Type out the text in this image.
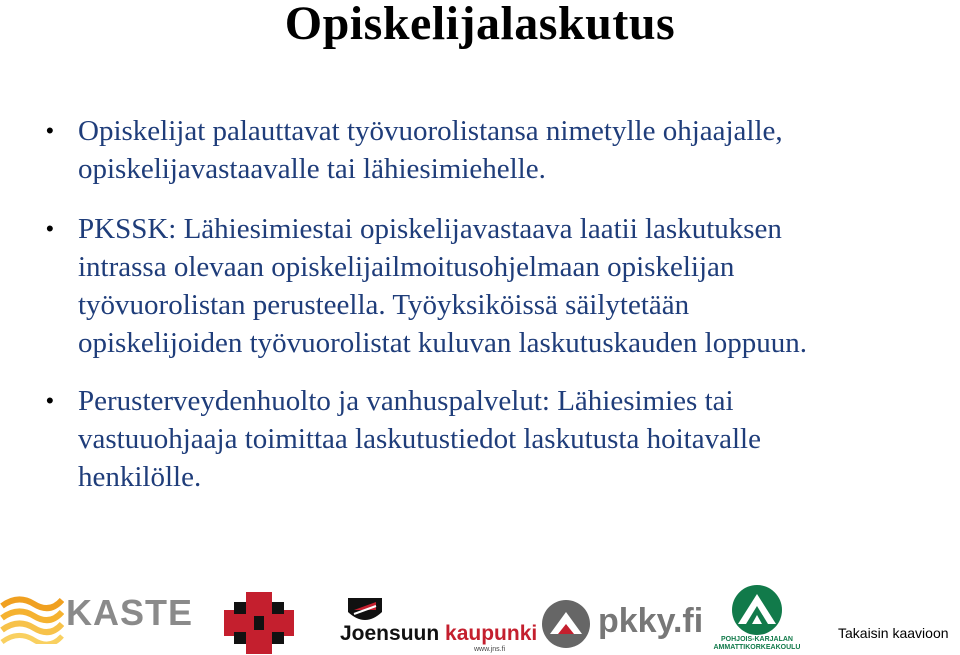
Opiskelijalaskutus
• Opiskelijat palauttavat työvuorolistansa nimetylle ohjaajalle,
opiskelijavastaavalle tai lähiesimiehelle.
• PKSSK: Lähiesimiestai opiskelijavastaava laatii laskutuksen
intrassa olevaan opiskelijailmoitusohjelmaan opiskelijan
työvuorolistan perusteella. Työyksiköissä säilytetään
opiskelijoiden työvuorolistat kuluvan laskutuskauden loppuun.
• Perusterveydenhuolto ja vanhuspalvelut: Lähiesimies tai
vastuuohjaaja toimittaa laskutustiedot laskutusta hoitavalle
henkilölle.
KASTE
Joensuun kaupunki
www.jns.fi
pkky.fi	POHJOIS-KARJALAN
AMMATTIKORKEAKOULU
Takaisin kaavioon
